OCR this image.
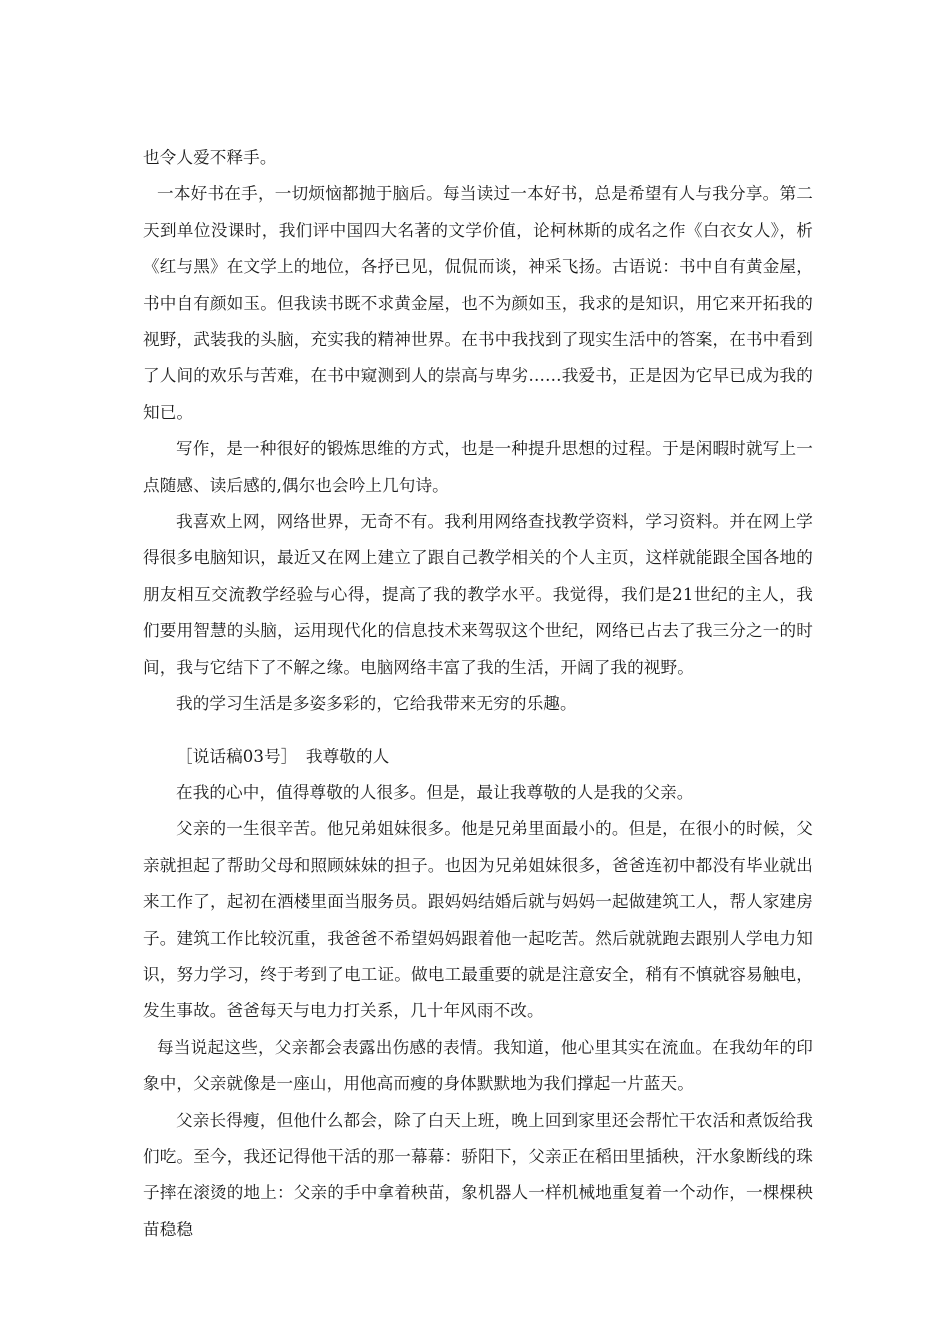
也令人爱不释手。

一本好书在手，一切烦恼都抛于脑后。每当读过一本好书，总是希望有人与我分享。第二天到单位没课时，我们评中国四大名著的文学价值，论柯林斯的成名之作《白衣女人》，析《红与黑》在文学上的地位，各抒已见，侃侃而谈，神采飞扬。古语说：书中自有黄金屋，书中自有颜如玉。但我读书既不求黄金屋，也不为颜如玉，我求的是知识，用它来开拓我的视野，武装我的头脑，充实我的精神世界。在书中我找到了现实生活中的答案，在书中看到了人间的欢乐与苦难，在书中窥测到人的崇高与卑劣……我爱书，正是因为它早已成为我的知已。

写作，是一种很好的锻炼思维的方式，也是一种提升思想的过程。于是闲暇时就写上一点随感、读后感的,偶尔也会吟上几句诗。

我喜欢上网，网络世界，无奇不有。我利用网络查找教学资料，学习资料。并在网上学得很多电脑知识，最近又在网上建立了跟自己教学相关的个人主页，这样就能跟全国各地的朋友相互交流教学经验与心得，提高了我的教学水平。我觉得，我们是21世纪的主人，我们要用智慧的头脑，运用现代化的信息技术来驾驭这个世纪，网络已占去了我三分之一的时间，我与它结下了不解之缘。电脑网络丰富了我的生活，开阔了我的视野。

我的学习生活是多姿多彩的，它给我带来无穷的乐趣。

［说话稿03号］　我尊敬的人

在我的心中，值得尊敬的人很多。但是，最让我尊敬的人是我的父亲。

父亲的一生很辛苦。他兄弟姐妹很多。他是兄弟里面最小的。但是，在很小的时候，父亲就担起了帮助父母和照顾妹妹的担子。也因为兄弟姐妹很多，爸爸连初中都没有毕业就出来工作了，起初在酒楼里面当服务员。跟妈妈结婚后就与妈妈一起做建筑工人，帮人家建房子。建筑工作比较沉重，我爸爸不希望妈妈跟着他一起吃苦。然后就就跑去跟别人学电力知识，努力学习，终于考到了电工证。做电工最重要的就是注意安全，稍有不慎就容易触电，发生事故。爸爸每天与电力打关系，几十年风雨不改。

每当说起这些，父亲都会表露出伤感的表情。我知道，他心里其实在流血。在我幼年的印象中，父亲就像是一座山，用他高而瘦的身体默默地为我们撑起一片蓝天。

父亲长得瘦，但他什么都会，除了白天上班，晚上回到家里还会帮忙干农活和煮饭给我们吃。至今，我还记得他干活的那一幕幕：骄阳下，父亲正在稻田里插秧，汗水象断线的珠子摔在滚烫的地上：父亲的手中拿着秧苗，象机器人一样机械地重复着一个动作，一棵棵秧苗稳稳
